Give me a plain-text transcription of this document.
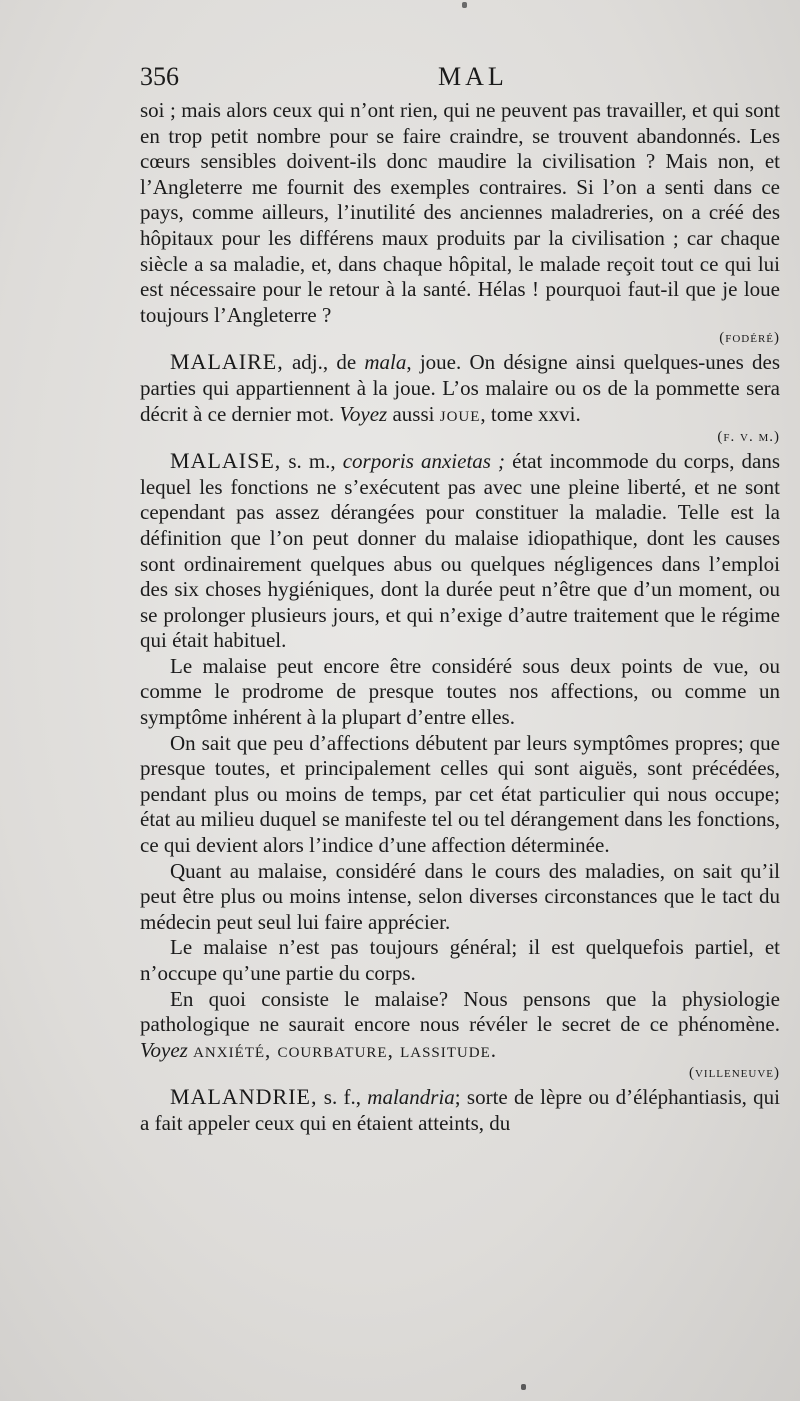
356	MAL

soi ; mais alors ceux qui n’ont rien, qui ne peuvent pas travailler, et qui sont en trop petit nombre pour se faire craindre, se trouvent abandonnés. Les cœurs sensibles doivent-ils donc maudire la civilisation ? Mais non, et l’Angleterre me fournit des exemples contraires. Si l’on a senti dans ce pays, comme ailleurs, l’inutilité des anciennes maladreries, on a créé des hôpitaux pour les différens maux produits par la civilisation ; car chaque siècle a sa maladie, et, dans chaque hôpital, le malade reçoit tout ce qui lui est nécessaire pour le retour à la santé. Hélas ! pourquoi faut-il que je loue toujours l’Angleterre ?
(fodéré)

MALAIRE, adj., de mala, joue. On désigne ainsi quelques-unes des parties qui appartiennent à la joue. L’os malaire ou os de la pommette sera décrit à ce dernier mot. Voyez aussi joue, tome xxvi.
(f. v. m.)

MALAISE, s. m., corporis anxietas ; état incommode du corps, dans lequel les fonctions ne s’exécutent pas avec une pleine liberté, et ne sont cependant pas assez dérangées pour constituer la maladie. Telle est la définition que l’on peut donner du malaise idiopathique, dont les causes sont ordinairement quelques abus ou quelques négligences dans l’emploi des six choses hygiéniques, dont la durée peut n’être que d’un moment, ou se prolonger plusieurs jours, et qui n’exige d’autre traitement que le régime qui était habituel.

Le malaise peut encore être considéré sous deux points de vue, ou comme le prodrome de presque toutes nos affections, ou comme un symptôme inhérent à la plupart d’entre elles.

On sait que peu d’affections débutent par leurs symptômes propres; que presque toutes, et principalement celles qui sont aiguës, sont précédées, pendant plus ou moins de temps, par cet état particulier qui nous occupe; état au milieu duquel se manifeste tel ou tel dérangement dans les fonctions, ce qui devient alors l’indice d’une affection déterminée.

Quant au malaise, considéré dans le cours des maladies, on sait qu’il peut être plus ou moins intense, selon diverses circonstances que le tact du médecin peut seul lui faire apprécier.

Le malaise n’est pas toujours général; il est quelquefois partiel, et n’occupe qu’une partie du corps.

En quoi consiste le malaise? Nous pensons que la physiologie pathologique ne saurait encore nous révéler le secret de ce phénomène. Voyez anxiété, courbature, lassitude.
(villeneuve)

MALANDRIE, s. f., malandria; sorte de lèpre ou d’éléphantiasis, qui a fait appeler ceux qui en étaient atteints, du
